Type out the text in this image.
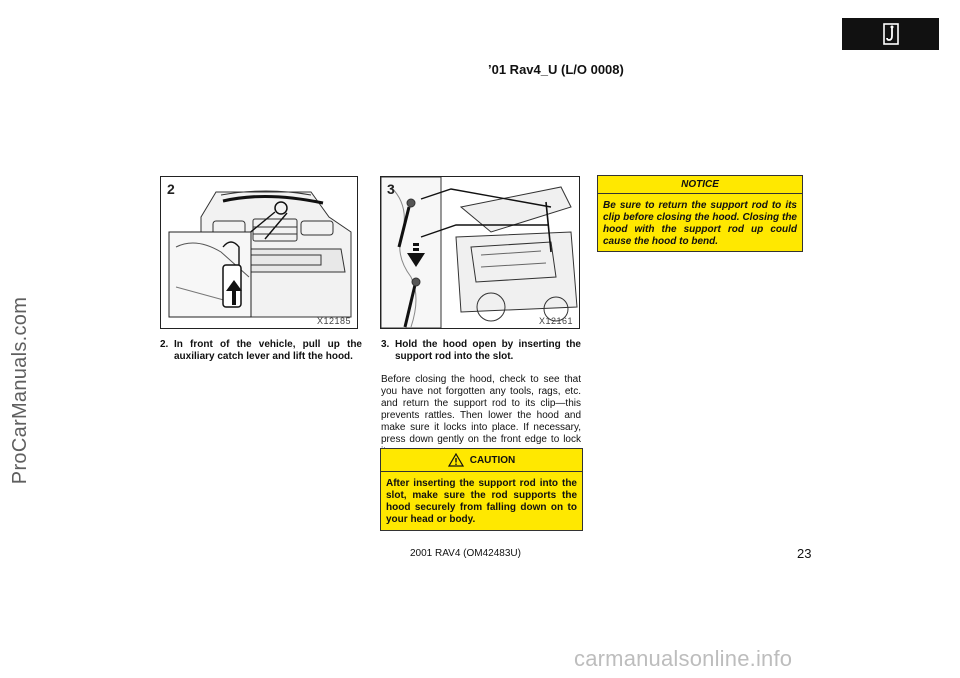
ProCarManuals.com
’01 Rav4_U (L/O 0008)
2
X12185
3
X12161
2. In front of the vehicle, pull up the auxiliary catch lever and lift the hood.
3. Hold the hood open by inserting the support rod into the slot.
Before closing the hood, check to see that you have not forgotten any tools, rags, etc. and return the support rod to its clip—this prevents rattles. Then lower the hood and make sure it locks into place. If necessary, press down gently on the front edge to lock
CAUTION
After inserting the support rod into the slot, make sure the rod supports the hood securely from falling down on to your head or body.
NOTICE
Be sure to return the support rod to its clip before closing the hood. Closing the hood with the support rod up could cause the hood to bend.
2001 RAV4 (OM42483U)	23
carmanualsonline.info
